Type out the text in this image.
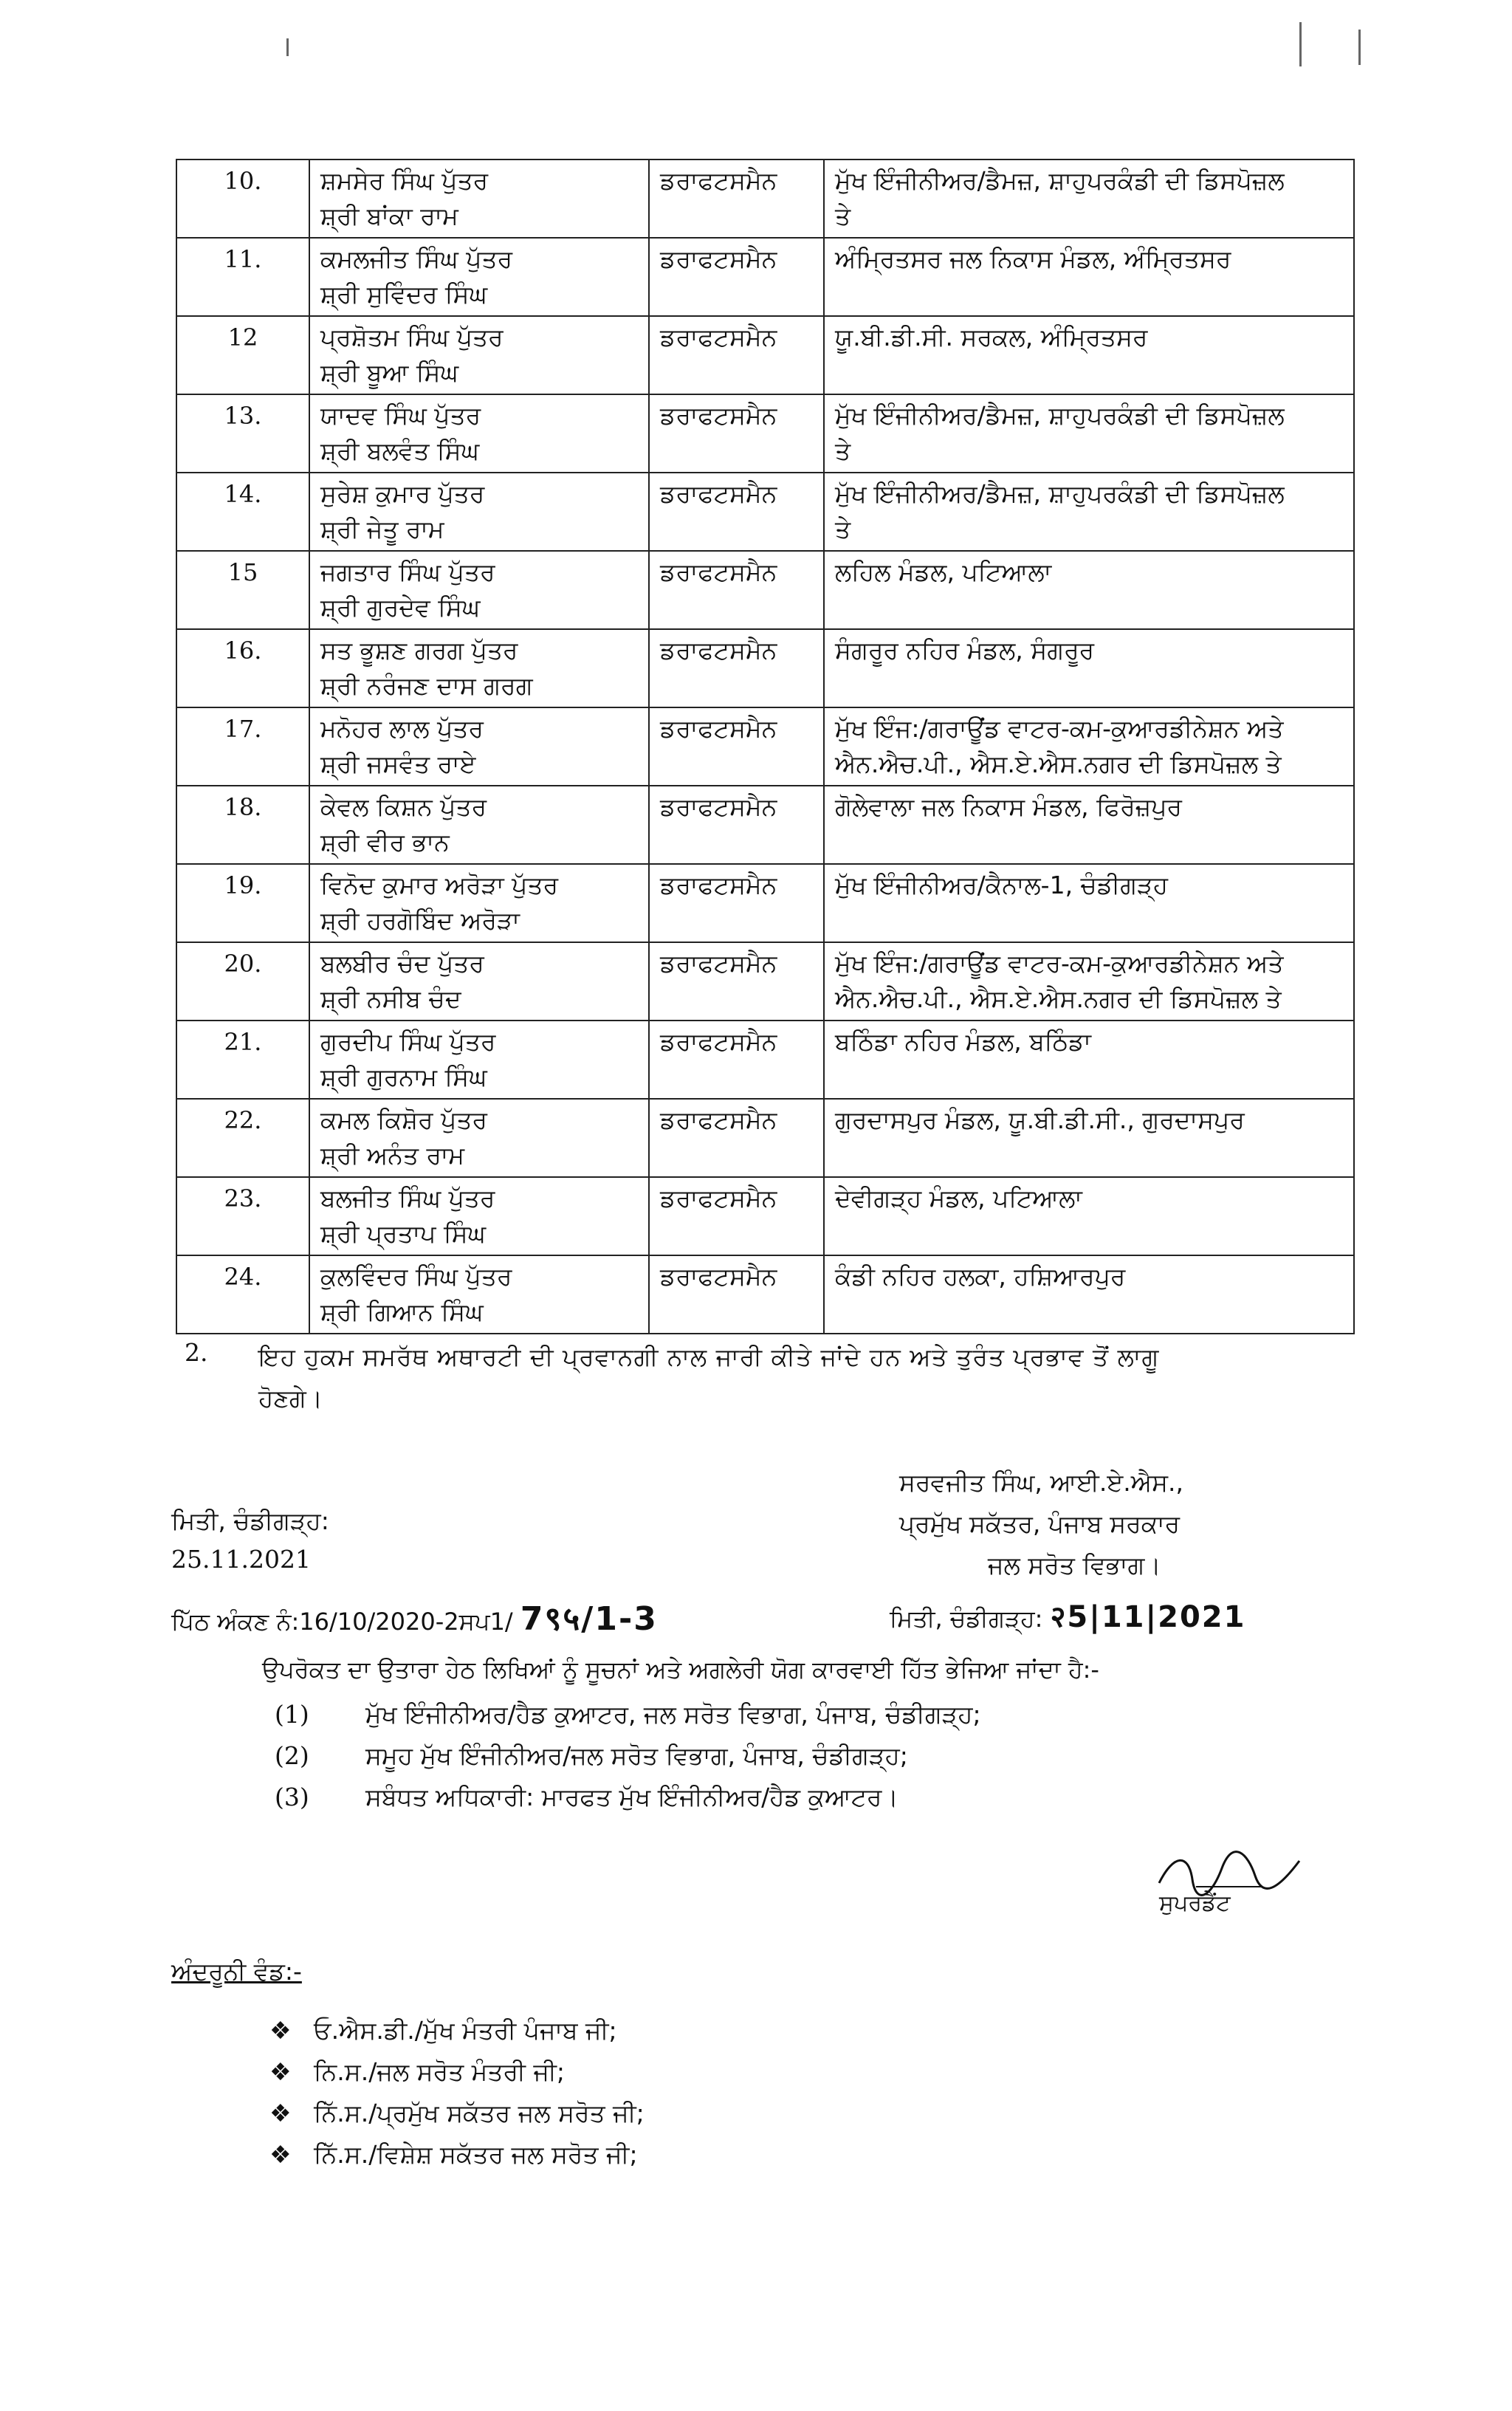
10.	ਸ਼ਮਸੇਰ ਸਿੰਘ ਪੁੱਤਰ
ਸ਼੍ਰੀ ਬਾਂਕਾ ਰਾਮ	ਡਰਾਫਟਸਮੈਨ	ਮੁੱਖ ਇੰਜੀਨੀਅਰ/ਡੈਮਜ਼, ਸ਼ਾਹੁਪਰਕੰਡੀ ਦੀ ਡਿਸਪੋਜ਼ਲ
ਤੇ

11.	ਕਮਲਜੀਤ ਸਿੰਘ ਪੁੱਤਰ
ਸ਼੍ਰੀ ਸੁਵਿੰਦਰ ਸਿੰਘ	ਡਰਾਫਟਸਮੈਨ	ਅੰਮ੍ਰਿਤਸਰ ਜਲ ਨਿਕਾਸ ਮੰਡਲ, ਅੰਮ੍ਰਿਤਸਰ

12	ਪ੍ਰਸ਼ੋਤਮ ਸਿੰਘ ਪੁੱਤਰ
ਸ਼੍ਰੀ ਬੂਆ ਸਿੰਘ	ਡਰਾਫਟਸਮੈਨ	ਯੂ.ਬੀ.ਡੀ.ਸੀ. ਸਰਕਲ, ਅੰਮ੍ਰਿਤਸਰ

13.	ਯਾਦਵ ਸਿੰਘ ਪੁੱਤਰ
ਸ਼੍ਰੀ ਬਲਵੰਤ ਸਿੰਘ	ਡਰਾਫਟਸਮੈਨ	ਮੁੱਖ ਇੰਜੀਨੀਅਰ/ਡੈਮਜ਼, ਸ਼ਾਹੁਪਰਕੰਡੀ ਦੀ ਡਿਸਪੋਜ਼ਲ
ਤੇ

14.	ਸੁਰੇਸ਼ ਕੁਮਾਰ ਪੁੱਤਰ
ਸ਼੍ਰੀ ਜੇਤੂ ਰਾਮ	ਡਰਾਫਟਸਮੈਨ	ਮੁੱਖ ਇੰਜੀਨੀਅਰ/ਡੈਮਜ਼, ਸ਼ਾਹੁਪਰਕੰਡੀ ਦੀ ਡਿਸਪੋਜ਼ਲ
ਤੇ

15	ਜਗਤਾਰ ਸਿੰਘ ਪੁੱਤਰ
ਸ਼੍ਰੀ ਗੁਰਦੇਵ ਸਿੰਘ	ਡਰਾਫਟਸਮੈਨ	ਲਹਿਲ ਮੰਡਲ, ਪਟਿਆਲਾ

16.	ਸਤ ਭੂਸ਼ਣ ਗਰਗ ਪੁੱਤਰ
ਸ਼੍ਰੀ ਨਰੰਜਣ ਦਾਸ ਗਰਗ	ਡਰਾਫਟਸਮੈਨ	ਸੰਗਰੂਰ ਨਹਿਰ ਮੰਡਲ, ਸੰਗਰੂਰ

17.	ਮਨੋਹਰ ਲਾਲ ਪੁੱਤਰ
ਸ਼੍ਰੀ ਜਸਵੰਤ ਰਾਏ	ਡਰਾਫਟਸਮੈਨ	ਮੁੱਖ ਇੰਜ:/ਗਰਾਊਂਡ ਵਾਟਰ-ਕਮ-ਕੁਆਰਡੀਨੇਸ਼ਨ ਅਤੇ
ਐਨ.ਐਚ.ਪੀ., ਐਸ.ਏ.ਐਸ.ਨਗਰ ਦੀ ਡਿਸਪੋਜ਼ਲ ਤੇ

18.	ਕੇਵਲ ਕਿਸ਼ਨ ਪੁੱਤਰ
ਸ਼੍ਰੀ ਵੀਰ ਭਾਨ	ਡਰਾਫਟਸਮੈਨ	ਗੋਲੇਵਾਲਾ ਜਲ ਨਿਕਾਸ ਮੰਡਲ, ਫਿਰੋਜ਼ਪੁਰ

19.	ਵਿਨੋਦ ਕੁਮਾਰ ਅਰੋੜਾ ਪੁੱਤਰ
ਸ਼੍ਰੀ ਹਰਗੋਬਿੰਦ ਅਰੋੜਾ	ਡਰਾਫਟਸਮੈਨ	ਮੁੱਖ ਇੰਜੀਨੀਅਰ/ਕੈਨਾਲ-1, ਚੰਡੀਗੜ੍ਹ

20.	ਬਲਬੀਰ ਚੰਦ ਪੁੱਤਰ
ਸ਼੍ਰੀ ਨਸੀਬ ਚੰਦ	ਡਰਾਫਟਸਮੈਨ	ਮੁੱਖ ਇੰਜ:/ਗਰਾਊਂਡ ਵਾਟਰ-ਕਮ-ਕੁਆਰਡੀਨੇਸ਼ਨ ਅਤੇ
ਐਨ.ਐਚ.ਪੀ., ਐਸ.ਏ.ਐਸ.ਨਗਰ ਦੀ ਡਿਸਪੋਜ਼ਲ ਤੇ

21.	ਗੁਰਦੀਪ ਸਿੰਘ ਪੁੱਤਰ
ਸ਼੍ਰੀ ਗੁਰਨਾਮ ਸਿੰਘ	ਡਰਾਫਟਸਮੈਨ	ਬਠਿੰਡਾ ਨਹਿਰ ਮੰਡਲ, ਬਠਿੰਡਾ

22.	ਕਮਲ ਕਿਸ਼ੋਰ ਪੁੱਤਰ
ਸ਼੍ਰੀ ਅਨੰਤ ਰਾਮ	ਡਰਾਫਟਸਮੈਨ	ਗੁਰਦਾਸਪੁਰ ਮੰਡਲ, ਯੂ.ਬੀ.ਡੀ.ਸੀ., ਗੁਰਦਾਸਪੁਰ

23.	ਬਲਜੀਤ ਸਿੰਘ ਪੁੱਤਰ
ਸ਼੍ਰੀ ਪ੍ਰਤਾਪ ਸਿੰਘ	ਡਰਾਫਟਸਮੈਨ	ਦੇਵੀਗੜ੍ਹ ਮੰਡਲ, ਪਟਿਆਲਾ

24.	ਕੁਲਵਿੰਦਰ ਸਿੰਘ ਪੁੱਤਰ
ਸ਼੍ਰੀ ਗਿਆਨ ਸਿੰਘ	ਡਰਾਫਟਸਮੈਨ	ਕੰਡੀ ਨਹਿਰ ਹਲਕਾ, ਹਸ਼ਿਆਰਪੁਰ
2. ਇਹ ਹੁਕਮ ਸਮਰੱਥ ਅਥਾਰਟੀ ਦੀ ਪ੍ਰਵਾਨਗੀ ਨਾਲ ਜਾਰੀ ਕੀਤੇ ਜਾਂਦੇ ਹਨ ਅਤੇ ਤੁਰੰਤ ਪ੍ਰਭਾਵ ਤੋਂ ਲਾਗੂ
ਹੋਣਗੇ।
ਸਰਵਜੀਤ ਸਿੰਘ, ਆਈ.ਏ.ਐਸ.,
ਪ੍ਰਮੁੱਖ ਸਕੱਤਰ, ਪੰਜਾਬ ਸਰਕਾਰ
ਜਲ ਸਰੋਤ ਵਿਭਾਗ।
ਮਿਤੀ, ਚੰਡੀਗੜ੍ਹ:
25.11.2021
ਪਿੱਠ ਅੰਕਣ ਨੰ:16/10/2020-2ਸਪ1/ 7९५/1-3	ਮਿਤੀ, ਚੰਡੀਗੜ੍ਹ: २5|11|2021
ਉਪਰੋਕਤ ਦਾ ਉਤਾਰਾ ਹੇਠ ਲਿਖਿਆਂ ਨੂੰ ਸੂਚਨਾਂ ਅਤੇ ਅਗਲੇਰੀ ਯੋਗ ਕਾਰਵਾਈ ਹਿੱਤ ਭੇਜਿਆ ਜਾਂਦਾ ਹੈ:-
(1) ਮੁੱਖ ਇੰਜੀਨੀਅਰ/ਹੈਡ ਕੁਆਟਰ, ਜਲ ਸਰੋਤ ਵਿਭਾਗ, ਪੰਜਾਬ, ਚੰਡੀਗੜ੍ਹ;
(2) ਸਮੂਹ ਮੁੱਖ ਇੰਜੀਨੀਅਰ/ਜਲ ਸਰੋਤ ਵਿਭਾਗ, ਪੰਜਾਬ, ਚੰਡੀਗੜ੍ਹ;
(3) ਸਬੰਧਤ ਅਧਿਕਾਰੀ: ਮਾਰਫਤ ਮੁੱਖ ਇੰਜੀਨੀਅਰ/ਹੈਡ ਕੁਆਟਰ।
ਸੁਪਰਡੈਂਟ
ਅੰਦਰੂਨੀ ਵੰਡ:-
❖ ਓ.ਐਸ.ਡੀ./ਮੁੱਖ ਮੰਤਰੀ ਪੰਜਾਬ ਜੀ;
❖ ਨਿ.ਸ./ਜਲ ਸਰੋਤ ਮੰਤਰੀ ਜੀ;
❖ ਨਿੱ.ਸ./ਪ੍ਰਮੁੱਖ ਸਕੱਤਰ ਜਲ ਸਰੋਤ ਜੀ;
❖ ਨਿੱ.ਸ./ਵਿਸ਼ੇਸ਼ ਸਕੱਤਰ ਜਲ ਸਰੋਤ ਜੀ;
